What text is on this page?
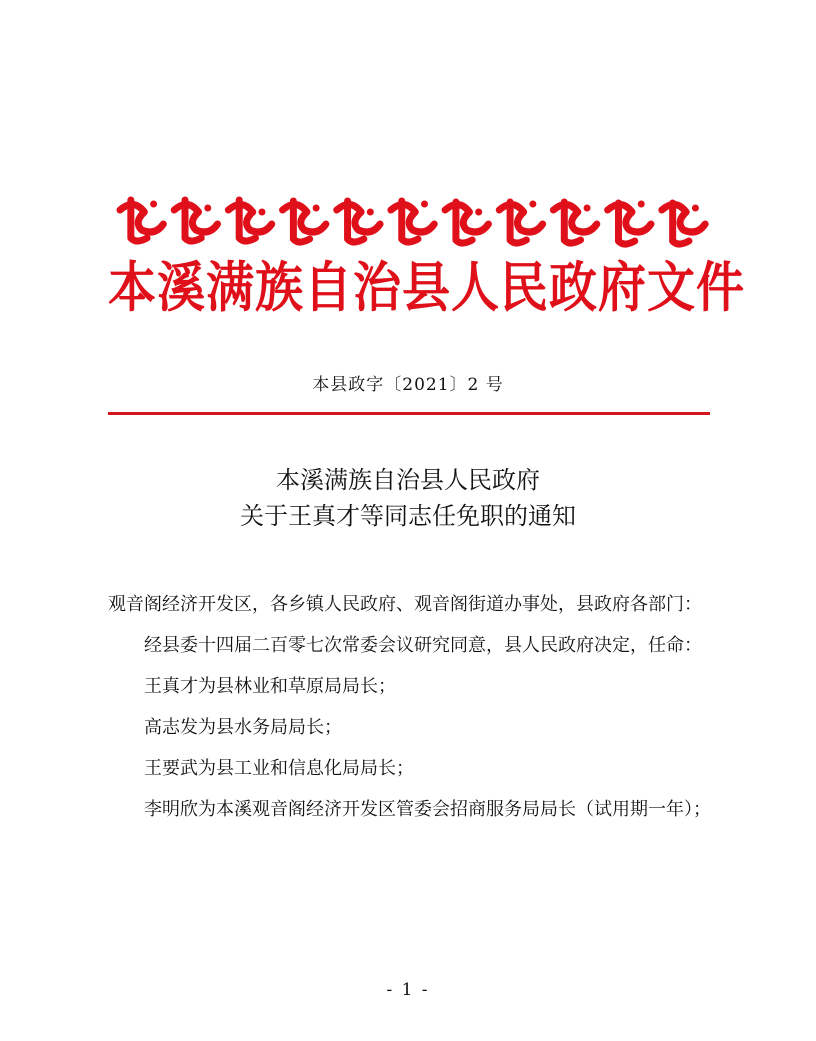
本溪满族自治县人民政府文件
本县政字〔2021〕2 号
本溪满族自治县人民政府
关于王真才等同志任免职的通知

观音阁经济开发区，各乡镇人民政府、观音阁街道办事处，县政府各部门：

经县委十四届二百零七次常委会议研究同意，县人民政府决定，任命：

王真才为县林业和草原局局长；

高志发为县水务局局长；

王要武为县工业和信息化局局长；

李明欣为本溪观音阁经济开发区管委会招商服务局局长（试用期一年）；

- 1 -
